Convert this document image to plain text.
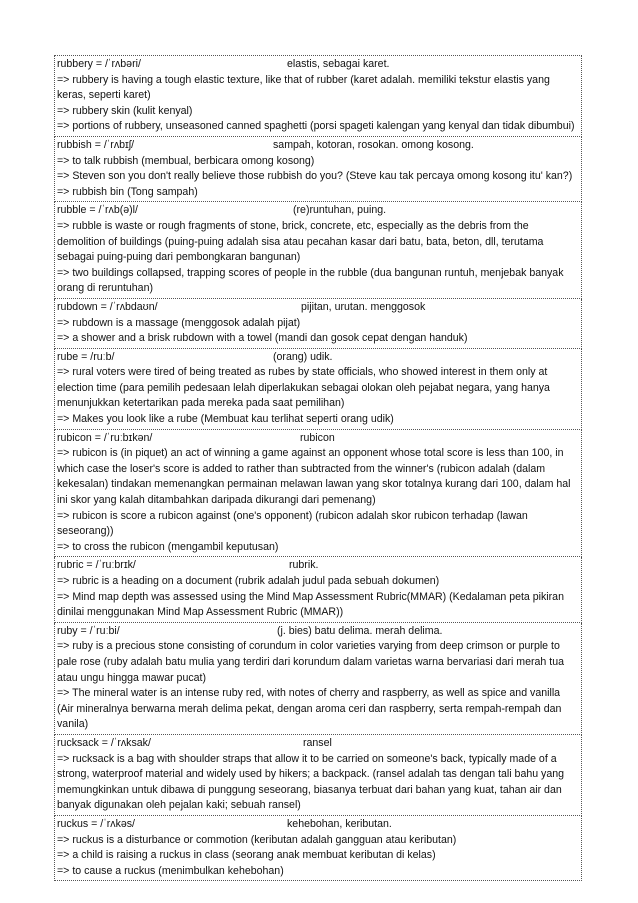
rubbery = /ˈrʌbəri/	elastis, sebagai karet.
=> rubbery is having a tough elastic texture, like that of rubber (karet adalah. memiliki tekstur elastis yang keras, seperti karet)
=> rubbery skin (kulit kenyal)
=> portions of rubbery, unseasoned canned spaghetti (porsi spageti kalengan yang kenyal dan tidak dibumbui)
rubbish = /ˈrʌbɪʃ/	sampah, kotoran, rosokan. omong kosong.
=> to talk rubbish (membual, berbicara omong kosong)
=> Steven son you don't really believe those rubbish do you? (Steve kau tak percaya omong kosong itu' kan?)
=> rubbish bin (Tong sampah)
rubble = /ˈrʌb(ə)l/	(re)runtuhan, puing.
=> rubble is waste or rough fragments of stone, brick, concrete, etc, especially as the debris from the demolition of buildings (puing-puing adalah sisa atau pecahan kasar dari batu, bata, beton, dll, terutama sebagai puing-puing dari pembongkaran bangunan)
=> two buildings collapsed, trapping scores of people in the rubble (dua bangunan runtuh, menjebak banyak orang di reruntuhan)
rubdown = /ˈrʌbdaʊn/	pijitan, urutan. menggosok
=> rubdown is a massage (menggosok adalah pijat)
=> a shower and a brisk rubdown with a towel (mandi dan gosok cepat dengan handuk)
rube = /ruːb/	(orang) udik.
=> rural voters were tired of being treated as rubes by state officials, who showed interest in them only at election time (para pemilih pedesaan lelah diperlakukan sebagai olokan oleh pejabat negara, yang hanya menunjukkan ketertarikan pada mereka pada saat pemilihan)
=> Makes you look like a rube (Membuat kau terlihat seperti orang udik)
rubicon = /ˈruːbɪkən/	rubicon
=> rubicon is (in piquet) an act of winning a game against an opponent whose total score is less than 100, in which case the loser's score is added to rather than subtracted from the winner's (rubicon adalah (dalam kekesalan) tindakan memenangkan permainan melawan lawan yang skor totalnya kurang dari 100, dalam hal ini skor yang kalah ditambahkan daripada dikurangi dari pemenang)
=> rubicon is score a rubicon against (one's opponent) (rubicon adalah skor rubicon terhadap (lawan seseorang))
=> to cross the rubicon (mengambil keputusan)
rubric = /ˈruːbrɪk/	rubrik.
=> rubric is a heading on a document (rubrik adalah judul pada sebuah dokumen)
=> Mind map depth was assessed using the Mind Map Assessment Rubric(MMAR) (Kedalaman peta pikiran dinilai menggunakan Mind Map Assessment Rubric (MMAR))
ruby = /ˈruːbi/	(j. bies) batu delima. merah delima.
=> ruby is a precious stone consisting of corundum in color varieties varying from deep crimson or purple to pale rose (ruby adalah batu mulia yang terdiri dari korundum dalam varietas warna bervariasi dari merah tua atau ungu hingga mawar pucat)
=> The mineral water is an intense ruby red, with notes of cherry and raspberry, as well as spice and vanilla (Air mineralnya berwarna merah delima pekat, dengan aroma ceri dan raspberry, serta rempah-rempah dan vanila)
rucksack = /ˈrʌksak/	ransel
=> rucksack is a bag with shoulder straps that allow it to be carried on someone's back, typically made of a strong, waterproof material and widely used by hikers; a backpack. (ransel adalah tas dengan tali bahu yang memungkinkan untuk dibawa di punggung seseorang, biasanya terbuat dari bahan yang kuat, tahan air dan banyak digunakan oleh pejalan kaki; sebuah ransel)
ruckus = /ˈrʌkəs/	kehebohan, keributan.
=> ruckus is a disturbance or commotion (keributan adalah gangguan atau keributan)
=> a child is raising a ruckus in class (seorang anak membuat keributan di kelas)
=> to cause a ruckus (menimbulkan kehebohan)
